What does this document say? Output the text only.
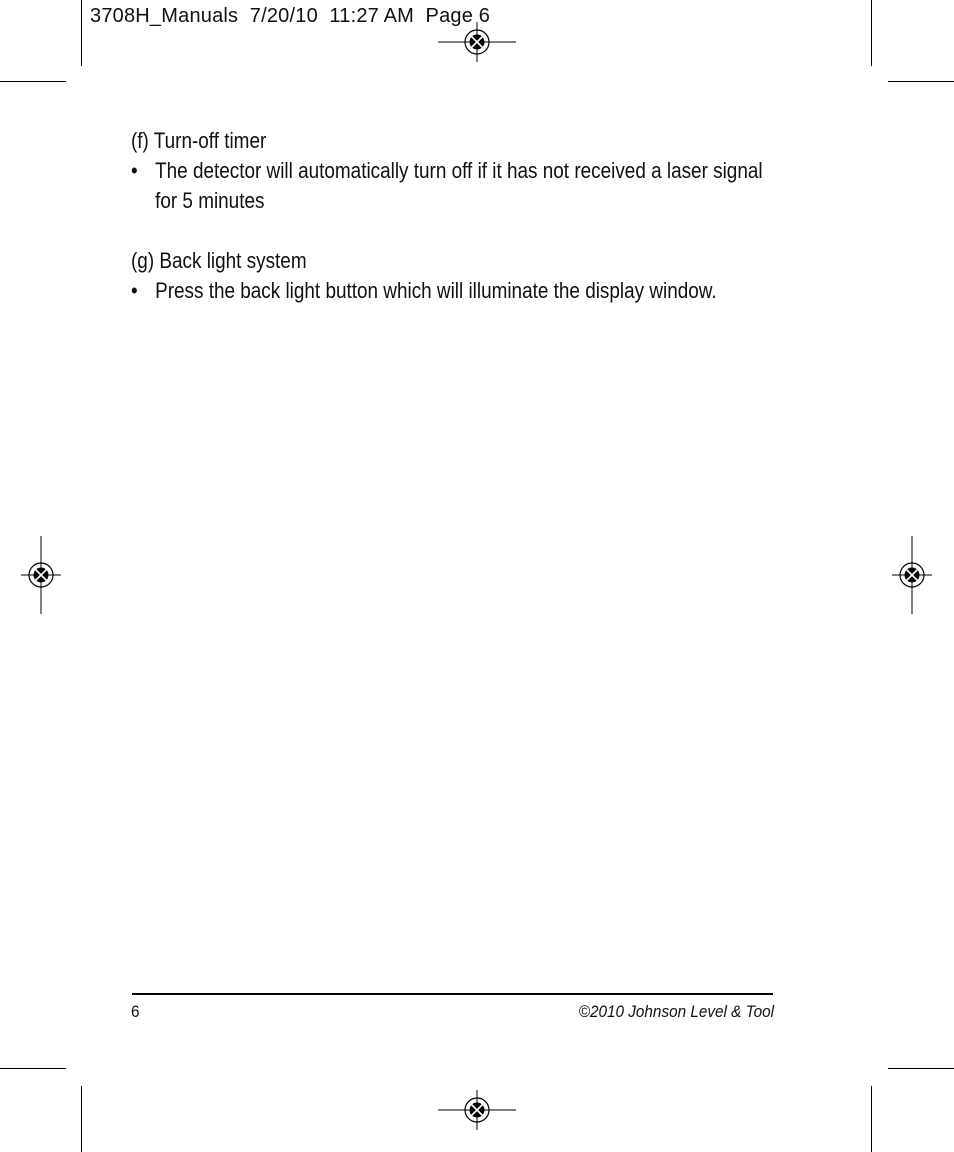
3708H_Manuals  7/20/10  11:27 AM  Page 6

(f) Turn-off timer

• The detector will automatically turn off if it has not received a laser signal for 5 minutes

(g) Back light system

• Press the back light button which will illuminate the display window.

6	©2010 Johnson Level & Tool
